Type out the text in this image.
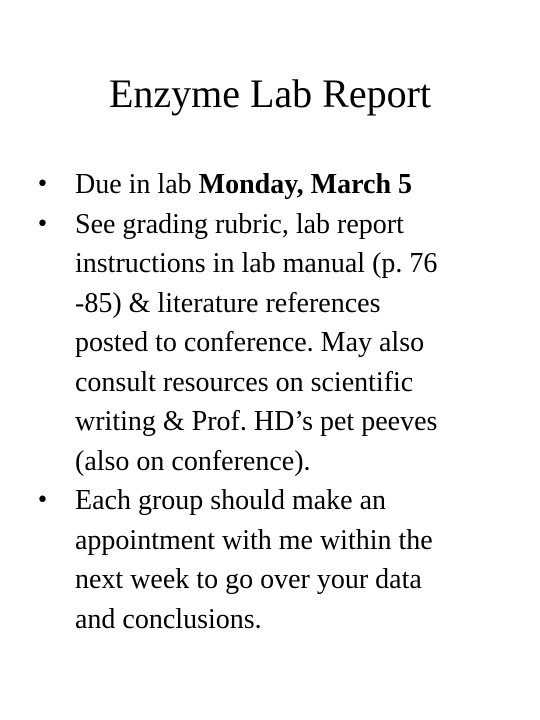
Enzyme Lab Report
• Due in lab Monday, March 5
• See grading rubric, lab report
instructions in lab manual (p. 76
-85) & literature references
posted to conference. May also
consult resources on scientific
writing & Prof. HD’s pet peeves
(also on conference).
• Each group should make an
appointment with me within the
next week to go over your data
and conclusions.
